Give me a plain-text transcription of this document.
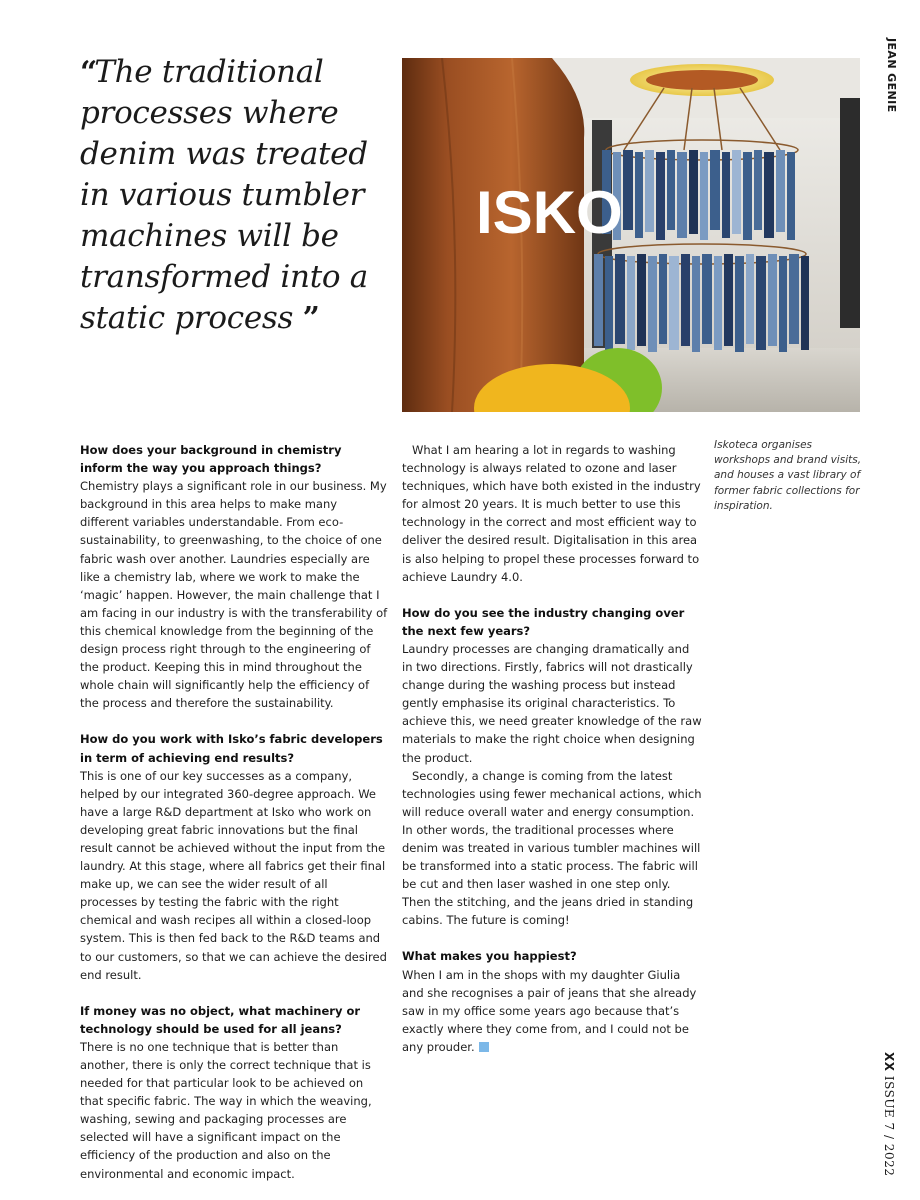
“The traditional processes where denim was treated in various tumbler machines will be transformed into a static process ”
ISKO
JEAN GENIE
XX ISSUE 7 / 2022
Iskoteca organises workshops and brand visits, and houses a vast library of former fabric collections for inspiration.
How does your background in chemistry inform the way you approach things?

Chemistry plays a significant role in our business. My background in this area helps to make many different variables understandable. From eco-sustainability, to greenwashing, to the choice of one fabric wash over another. Laundries especially are like a chemistry lab, where we work to make the ‘magic’ happen. However, the main challenge that I am facing in our industry is with the transferability of this chemical knowledge from the beginning of the design process right through to the engineering of the product. Keeping this in mind throughout the whole chain will significantly help the efficiency of the process and therefore the sustainability.

How do you work with Isko’s fabric developers in term of achieving end results?

This is one of our key successes as a company, helped by our integrated 360-degree approach. We have a large R&D department at Isko who work on developing great fabric innovations but the final result cannot be achieved without the input from the laundry. At this stage, where all fabrics get their final make up, we can see the wider result of all processes by testing the fabric with the right chemical and wash recipes all within a closed-loop system. This is then fed back to the R&D teams and to our customers, so that we can achieve the desired end result.

If money was no object, what machinery or technology should be used for all jeans?

There is no one technique that is better than another, there is only the correct technique that is needed for that particular look to be achieved on that specific fabric. The way in which the weaving, washing, sewing and packaging processes are selected will have a significant impact on the efficiency of the production and also on the environmental and economic impact.

What I am hearing a lot in regards to washing technology is always related to ozone and laser techniques, which have both existed in the industry for almost 20 years. It is much better to use this technology in the correct and most efficient way to deliver the desired result. Digitalisation in this area is also helping to propel these processes forward to achieve Laundry 4.0.

How do you see the industry changing over the next few years?

Laundry processes are changing dramatically and in two directions. Firstly, fabrics will not drastically change during the washing process but instead gently emphasise its original characteristics. To achieve this, we need greater knowledge of the raw materials to make the right choice when designing the product.

Secondly, a change is coming from the latest technologies using fewer mechanical actions, which will reduce overall water and energy consumption. In other words, the traditional processes where denim was treated in various tumbler machines will be transformed into a static process. The fabric will be cut and then laser washed in one step only. Then the stitching, and the jeans dried in standing cabins. The future is coming!

What makes you happiest?

When I am in the shops with my daughter Giulia and she recognises a pair of jeans that she already saw in my office some years ago because that’s exactly where they come from, and I could not be any prouder.
